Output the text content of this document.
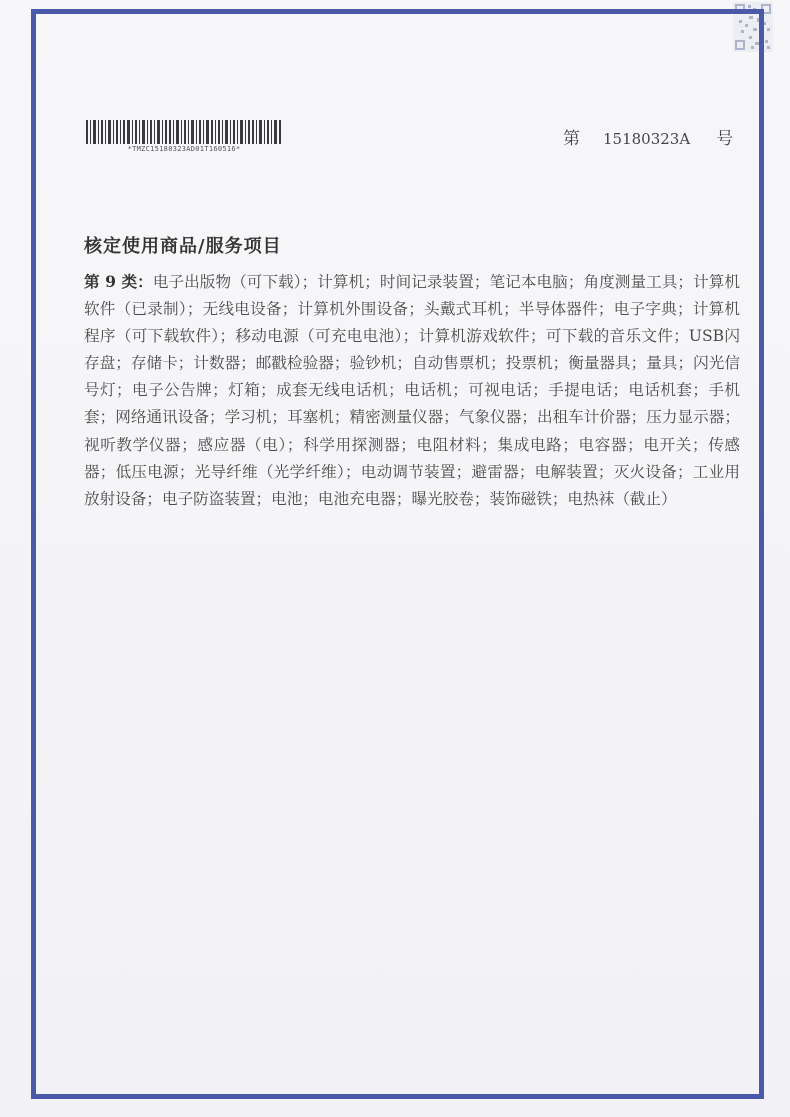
*TMZC15180323AD01T160516*	第 15180323A 号
核定使用商品/服务项目

第 9 类：电子出版物（可下载）；计算机；时间记录装置；笔记本电脑；角度测量工具；计算机软件（已录制）；无线电设备；计算机外围设备；头戴式耳机；半导体器件；电子字典；计算机程序（可下载软件）；移动电源（可充电电池）；计算机游戏软件；可下载的音乐文件；USB闪存盘；存储卡；计数器；邮戳检验器；验钞机；自动售票机；投票机；衡量器具；量具；闪光信号灯；电子公告牌；灯箱；成套无线电话机；电话机；可视电话；手提电话；电话机套；手机套；网络通讯设备；学习机；耳塞机；精密测量仪器；气象仪器；出租车计价器；压力显示器；视听教学仪器；感应器（电）；科学用探测器；电阻材料；集成电路；电容器；电开关；传感器；低压电源；光导纤维（光学纤维）；电动调节装置；避雷器；电解装置；灭火设备；工业用放射设备；电子防盗装置；电池；电池充电器；曝光胶卷；装饰磁铁；电热袜（截止）
